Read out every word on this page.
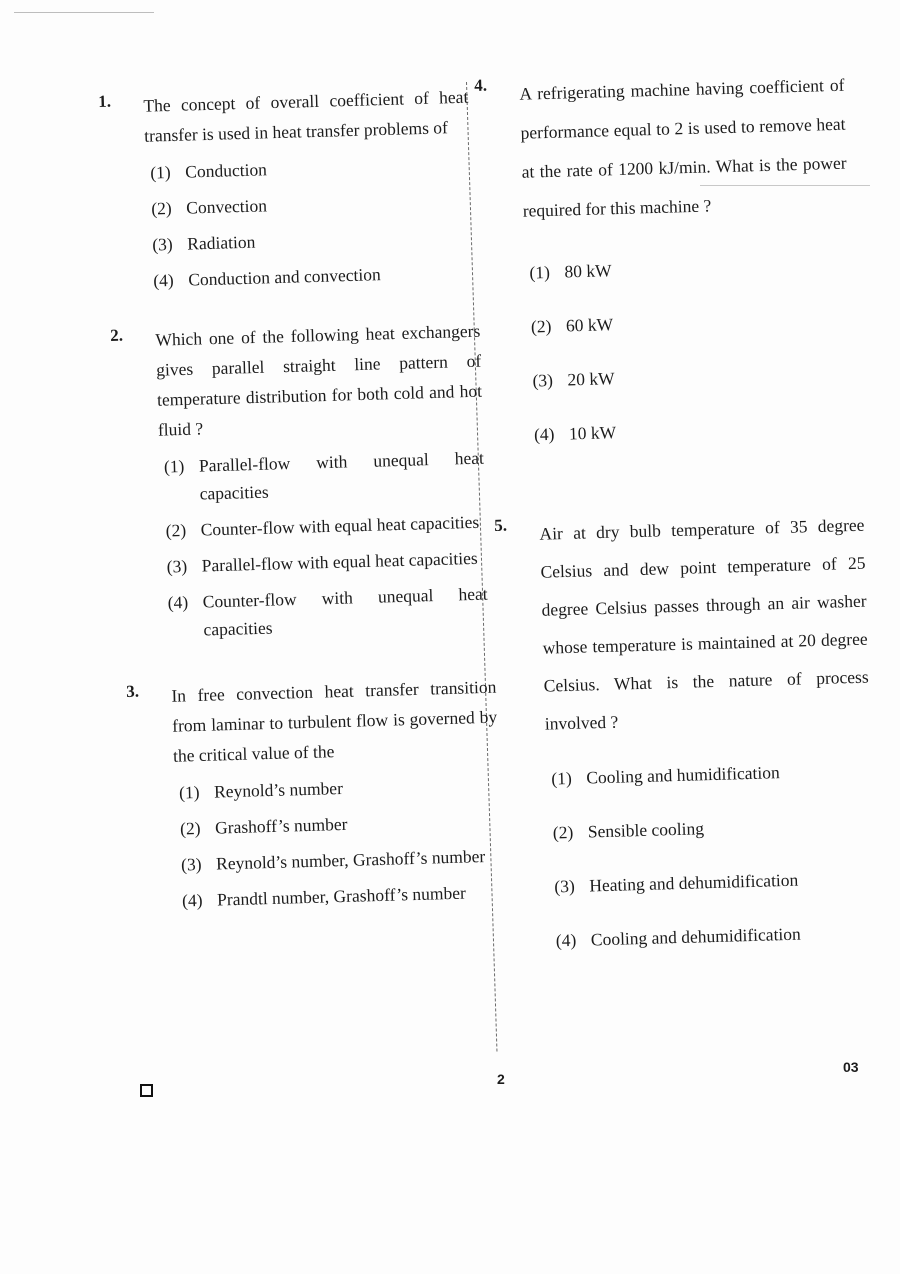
1. The concept of overall coefficient of heat transfer is used in heat transfer problems of
(1) Conduction
(2) Convection
(3) Radiation
(4) Conduction and convection
2. Which one of the following heat exchangers gives parallel straight line pattern of temperature distribution for both cold and hot fluid ?
(1) Parallel-flow with unequal heat capacities
(2) Counter-flow with equal heat capacities
(3) Parallel-flow with equal heat capacities
(4) Counter-flow with unequal heat capacities
3. In free convection heat transfer transition from laminar to turbulent flow is governed by the critical value of the
(1) Reynold’s number
(2) Grashoff’s number
(3) Reynold’s number, Grashoff’s number
(4) Prandtl number, Grashoff’s number
4. A refrigerating machine having coefficient of performance equal to 2 is used to remove heat at the rate of 1200 kJ/min. What is the power required for this machine ?
(1) 80 kW
(2) 60 kW
(3) 20 kW
(4) 10 kW
5. Air at dry bulb temperature of 35 degree Celsius and dew point temperature of 25 degree Celsius passes through an air washer whose temperature is maintained at 20 degree Celsius. What is the nature of process involved ?
(1) Cooling and humidification
(2) Sensible cooling
(3) Heating and dehumidification
(4) Cooling and dehumidification
2
03
